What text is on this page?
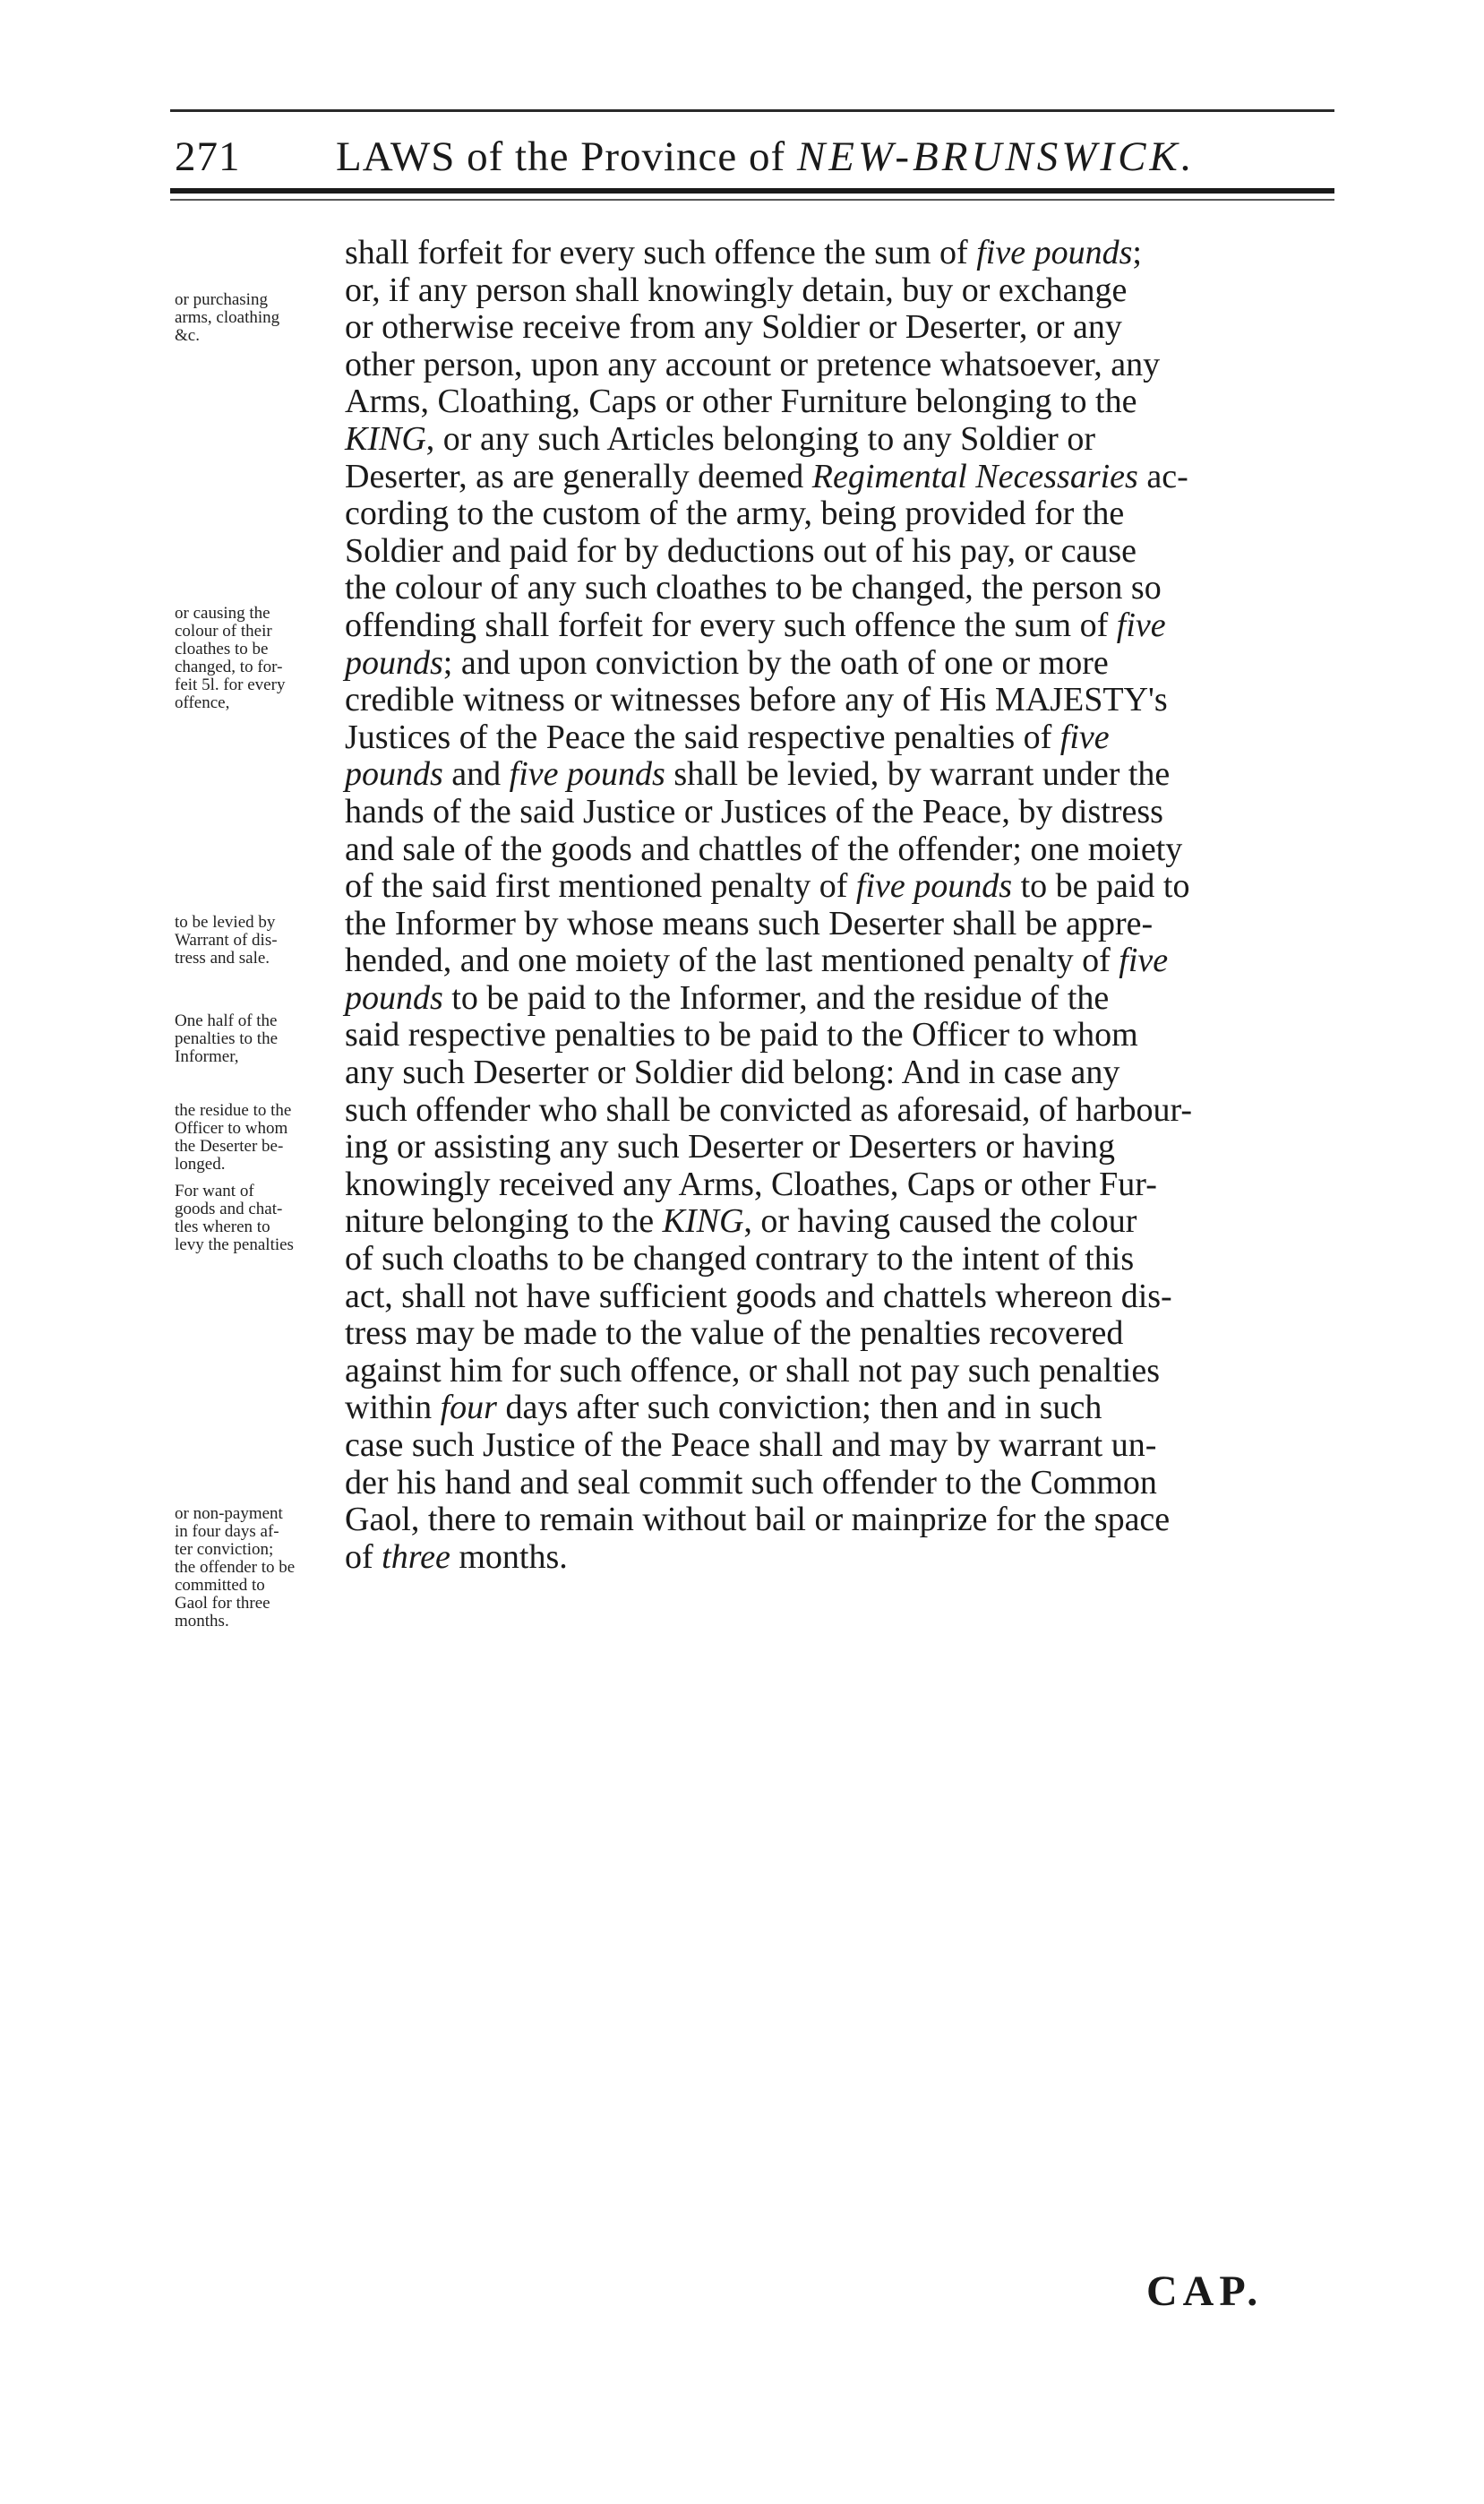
271 LAWS of the Province of NEW-BRUNSWICK.
or purchasing
arms, cloathing
&c.
or causing the
colour of their
cloathes to be
changed, to for-
feit 5l. for every
offence,
to be levied by
Warrant of dis-
tress and sale.
One half of the
penalties to the
Informer,
the residue to the
Officer to whom
the Deserter be-
longed.
For want of
goods and chat-
tles wheren to
levy the penalties
or non-payment
in four days af-
ter conviction;
the offender to be
committed to
Gaol for three
months.
shall forfeit for every such offence the sum of five pounds;
or, if any person shall knowingly detain, buy or exchange
or otherwise receive from any Soldier or Deserter, or any
other person, upon any account or pretence whatsoever, any
Arms, Cloathing, Caps or other Furniture belonging to the
KING, or any such Articles belonging to any Soldier or
Deserter, as are generally deemed Regimental Necessaries ac-
cording to the custom of the army, being provided for the
Soldier and paid for by deductions out of his pay, or cause
the colour of any such cloathes to be changed, the person so
offending shall forfeit for every such offence the sum of five
pounds; and upon conviction by the oath of one or more
credible witness or witnesses before any of His MAJESTY's
Justices of the Peace the said respective penalties of five
pounds and five pounds shall be levied, by warrant under the
hands of the said Justice or Justices of the Peace, by distress
and sale of the goods and chattles of the offender; one moiety
of the said first mentioned penalty of five pounds to be paid to
the Informer by whose means such Deserter shall be appre-
hended, and one moiety of the last mentioned penalty of five
pounds to be paid to the Informer, and the residue of the
said respective penalties to be paid to the Officer to whom
any such Deserter or Soldier did belong: And in case any
such offender who shall be convicted as aforesaid, of harbour-
ing or assisting any such Deserter or Deserters or having
knowingly received any Arms, Cloathes, Caps or other Fur-
niture belonging to the KING, or having caused the colour
of such cloaths to be changed contrary to the intent of this
act, shall not have sufficient goods and chattels whereon dis-
tress may be made to the value of the penalties recovered
against him for such offence, or shall not pay such penalties
within four days after such conviction; then and in such
case such Justice of the Peace shall and may by warrant un-
der his hand and seal commit such offender to the Common
Gaol, there to remain without bail or mainprize for the space
of three months.
CAP.
